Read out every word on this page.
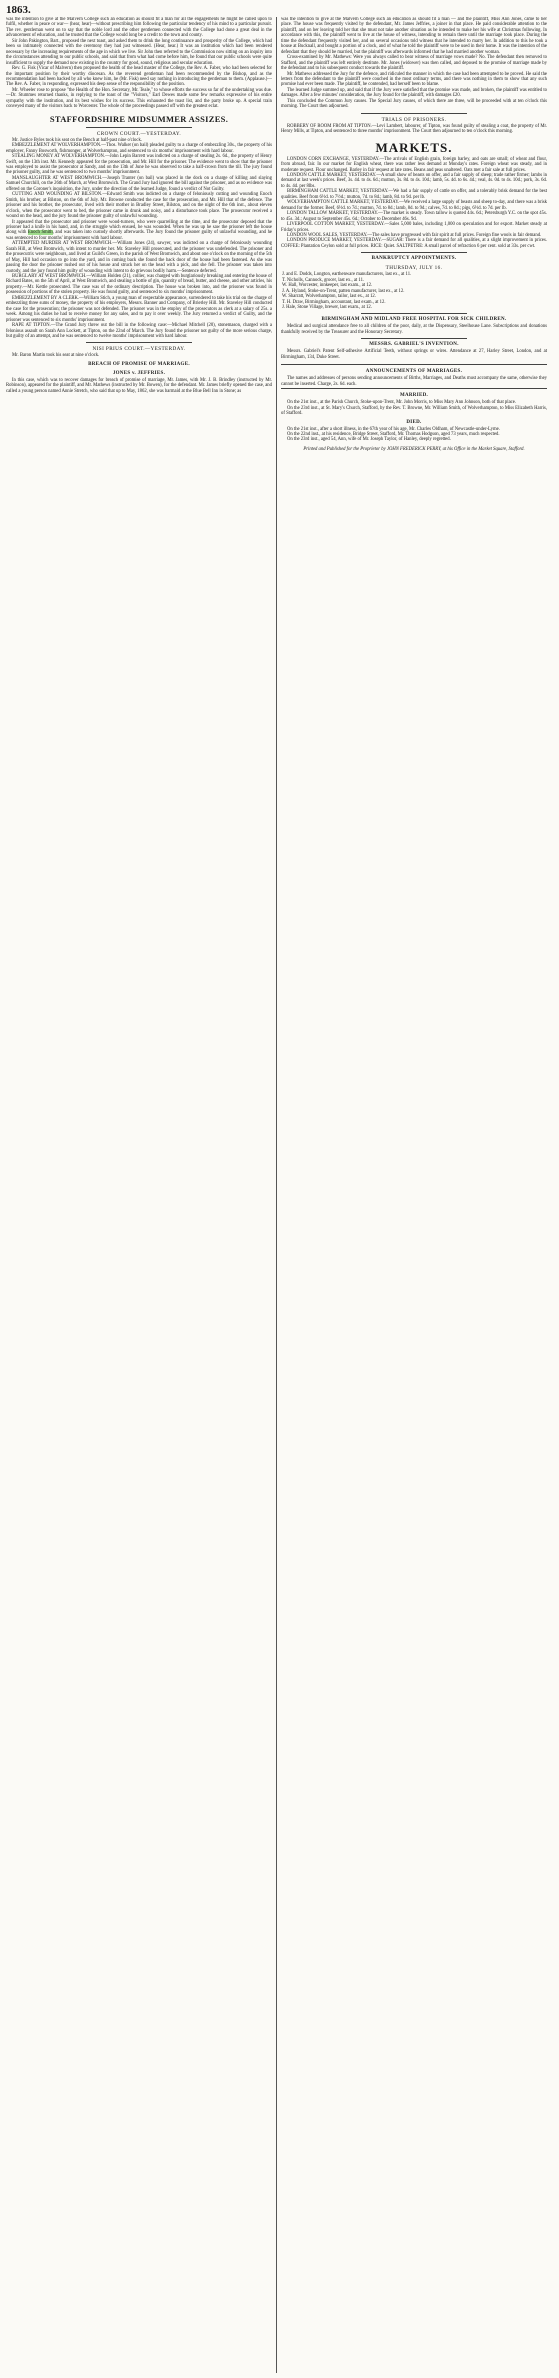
1863.

was the intention to give at the Malvern College such an education as should fit a man for all the engagements he might be called upon to fulfil, whether in peace or war— (hear, hear)—without prescribing him following the particular tendency of his mind to a particular pursuit. The rev. gentleman went on to say that the noble lord and the other gentlemen connected with the College had done a great deal in the advancement of education, and he trusted that the College would long be a credit to the town and county.

Sir John Pakington, Bart., proposed the next toast, and asked them to drink the long continuance and prosperity of the College, which had been so intimately connected with the ceremony they had just witnessed. (Hear, hear.) It was an institution which had been rendered necessary by the increasing requirements of the age in which we live. Sir John then referred to the Commission now sitting on an inquiry into the circumstances attending to our public schools, and said that from what had come before him, he found that our public schools were quite insufficient to supply the demand now existing in the country for good, sound, religious and secular education.

Rev. G. Fisk (Vicar of Malvern) then proposed the health of the head master of the College, the Rev. A. Faber, who had been selected for the important position by their worthy diocesan. As the reverend gentleman had been recommended by the Bishop, and as the recommendation had been backed by all who knew him, he (Mr. Fisk) need say nothing in introducing the gentleman to them. (Applause.)—The Rev. A. Faber, in responding, expressed his deep sense of the responsibility of the position.

Mr. Wheeler rose to propose "the Health of the Hon. Secretary, Mr. Teale," to whose efforts the success so far of the undertaking was due.—Dr. Stummes returned thanks, in replying to the toast of the "Visitors," Earl Dewes made some few remarks expressive of his entire sympathy with the institution, and its best wishes for its success. This exhausted the toast list, and the party broke up. A special train conveyed many of the visitors back to Worcester. The whole of the proceedings passed off with the greatest eclat.

STAFFORDSHIRE MIDSUMMER ASSIZES.
CROWN COURT.—YESTERDAY.

Mr. Justice Byles took his seat on the Bench at half-past nine o'clock.

EMBEZZLEMENT AT WOLVERHAMPTON.—Thos. Walker (on bail) pleaded guilty to a charge of embezzling 30s., the property of his employer, Fanny Bosworth, fishmonger, at Wolverhampton, and sentenced to six months' imprisonment with hard labour.

STEALING MONEY AT WOLVERHAMPTON.—John Lepin Barrett was indicted on a charge of stealing 2s. 6d., the property of Henry Swift, on the 13th inst. Mr. Kennedy appeared for the prosecution, and Mr. Hill for the prisoner. The evidence went to show that the prisoner was employed to assist the prosecutor at Sandy, and on the 13th of June he was observed to take a half-crown from the till. The jury found the prisoner guilty, and he was sentenced to two months' imprisonment.

MANSLAUGHTER AT WEST BROMWICH.—Joseph Tranter (on bail) was placed in the dock on a charge of killing and slaying Samuel Churchill, on the 26th of March, at West Bromwich. The Grand Jury had ignored the bill against the prisoner, and as no evidence was offered on the Coroner's inquisition, the Jury, under the direction of the learned Judge, found a verdict of Not Guilty.

CUTTING AND WOUNDING AT BILSTON.—Edward Smith was indicted on a charge of feloniously cutting and wounding Enoch Smith, his brother, at Bilston, on the 6th of July. Mr. Browne conducted the case for the prosecution, and Mr. Hill that of the defence. The prisoner and his brother, the prosecutor, lived with their mother in Bradley Street, Bilston, and on the night of the 6th inst., about eleven o'clock, when the prosecutor went to bed, the prisoner came in drunk and noisy, and a disturbance took place. The prosecutor received a wound on the head, and the jury found the prisoner guilty of unlawful wounding.

It appeared that the prosecutor and prisoner were wood-turners, who were quarrelling at the time, and the prosecutor deposed that the prisoner had a knife in his hand, and, in the struggle which ensued, he was wounded. When he was up he saw the prisoner left the house along with Enoch Smith, and was taken into custody shortly afterwards. The Jury found the prisoner guilty of unlawful wounding, and he was sentenced to four months' imprisonment with hard labour.

ATTEMPTED MURDER AT WEST BROMWICH.—William Jones (24), sawyer, was indicted on a charge of feloniously wounding Sarah Hill, at West Bromwich, with intent to murder her. Mr. Staveley Hill prosecuted, and the prisoner was undefended. The prisoner and the prosecutrix were neighbours, and lived at Guild's Green, in the parish of West Bromwich, and about one o'clock on the morning of the 5th of May, Hill had occasion to go into the yard, and in coming back she found the back door of the house had been fastened. As she was passing the door the prisoner rushed out of his house and struck her on the head with a pick, and she fell. The prisoner was taken into custody, and the jury found him guilty of wounding with intent to do grievous bodily harm.—Sentence deferred.

BURGLARY AT WEST BROMWICH.—William Holden (21), collier, was charged with burglariously breaking and entering the house of Richard Bates, on the 5th of April, at West Bromwich, and stealing a bottle of gin, quantity of bread, butter, and cheese, and other articles, his property.—Mr. Kettle prosecuted. The case was of the ordinary description. The house was broken into, and the prisoner was found in possession of portions of the stolen property. He was found guilty, and sentenced to six months' imprisonment.

EMBEZZLEMENT BY A CLERK.—William Stich, a young man of respectable appearance, surrendered to take his trial on the charge of embezzling three sums of money, the property of his employers, Messrs. Banner and Company, of Brierley Hill. Mr. Staveley Hill conducted the case for the prosecution; the prisoner was not defended. The prisoner was in the employ of the prosecutors as clerk at a salary of 25s. a week. Among his duties he had to receive money for any sales, and to pay it over weekly. The Jury returned a verdict of Guilty, and the prisoner was sentenced to six months' imprisonment.

RAPE AT TIPTON.—The Grand Jury threw out the bill in the following case:—Michael Mitchell (20), stonemason, charged with a felonious assault on Sarah Ann Lockett, at Tipton, on the 22nd of March. The Jury found the prisoner not guilty of the more serious charge, but guilty of an attempt, and he was sentenced to twelve months' imprisonment with hard labour.

NISI PRIUS COURT.—YESTERDAY.

Mr. Baron Martin took his seat at nine o'clock.

BREACH OF PROMISE OF MARRIAGE.
JONES v. JEFFRIES.

In this case, which was to recover damages for breach of promise of marriage, Mr. James, with Mr. J. B. Brindley (instructed by Mr. Robinson), appeared for the plaintiff, and Mr. Mathews (instructed by Mr. Bowen), for the defendant. Mr. James briefly opened the case, and called a young person named Annie Stretch, who said that up to May, 1862, she was barmaid at the Blue Bell Inn in Stone; as

was the intention to give at the Malvern College such an education as should fit a man — and the plaintiff, Miss Ann Jones, came to her place. The house was frequently visited by the defendant, Mr. James Jeffries, a joiner in that place. He paid considerable attention to the plaintiff, and on her leaving told her that she must not take another situation as he intended to make her his wife at Christmas following. In accordance with this, the plaintiff went to live at the house of witness, intending to remain there until the marriage took place. During the time the defendant frequently visited her, and on several occasions told witness that he intended to marry her. In addition to this he took a house at Bucknall, and bought a portion of a clock, and of what he told the plaintiff were to be used in their home. It was the intention of the defendant that they should be married, but the plaintiff was afterwards informed that he had married another woman.

Cross-examined by Mr. Mathews: Were you always called to bear witness of marriage vows made? No. The defendant then removed to Stafford, and the plaintiff was left entirely destitute. Mr. Jones (widower) was then called, and deposed to the promise of marriage made by the defendant and to his subsequent conduct towards the plaintiff.

Mr. Mathews addressed the Jury for the defence, and ridiculed the manner in which the case had been attempted to be proved. He said the letters from the defendant to the plaintiff were couched in the most ordinary terms, and there was nothing in them to show that any such promise had ever been made. The plaintiff, he contended, had herself been to blame.

The learned Judge summed up, and said that if the Jury were satisfied that the promise was made, and broken, the plaintiff was entitled to damages. After a few minutes' consideration, the Jury found for the plaintiff, with damages £20.

This concluded the Common Jury causes. The Special Jury causes, of which there are three, will be proceeded with at ten o'clock this morning. The Court then adjourned.

TRIALS OF PRISONERS.

ROBBERY OF ROOM FROM AT TIPTON.—Levi Lambert, labourer, of Tipton, was found guilty of stealing a coat, the property of Mr. Henry Mills, at Tipton, and sentenced to three months' imprisonment. The Court then adjourned to ten o'clock this morning.

MARKETS.

LONDON CORN EXCHANGE, YESTERDAY.—The arrivals of English grain, foreign barley, and oats are small; of wheat and flour, from abroad, fair. In our market for English wheat, there was rather less demand at Monday's rates. Foreign wheat was steady, and in moderate request. Flour unchanged. Barley in fair request at late rates. Beans and peas unaltered. Oats met a fair sale at full prices.

LONDON CATTLE MARKET, YESTERDAY.—A small show of beasts on offer, and a fair supply of sheep; trade rather firmer; lambs in demand at last week's prices. Beef, 3s. 4d. to 4s. 6d.; mutton, 3s. 8d. to 4s. 10d.; lamb, 5s. 4d. to 6s. 4d.; veal, 4s. 0d. to 4s. 10d.; pork, 3s. 6d. to 4s. 4d. per 8lbs.

BIRMINGHAM CATTLE MARKET, YESTERDAY.—We had a fair supply of cattle on offer, and a tolerably brisk demand for the best qualities. Beef from 6½d. to 7½d.; mutton, 7d. to 8d.; lamb, 8d. to 9d. per lb.

WOLVERHAMPTON CATTLE MARKET, YESTERDAY.—We received a large supply of beasts and sheep to-day, and there was a brisk demand for the former. Beef, 6½d. to 7d.; mutton, 7d. to 8d.; lamb, 8d. to 9d.; calves, 7d. to 8d.; pigs, 6½d. to 7d. per lb.

LONDON TALLOW MARKET, YESTERDAY.—The market is steady. Town tallow is quoted 44s. 6d.; Petersburgh Y.C. on the spot 45s. to 45s. 3d.; August to September 45s. 6d.; October to December 46s. 9d.

LIVERPOOL COTTON MARKET, YESTERDAY.—Sales 5,000 bales, including 1,000 on speculation and for export. Market steady at Friday's prices.

LONDON WOOL SALES, YESTERDAY.—The sales have progressed with fair spirit at full prices. Foreign fine wools in fair demand.

LONDON PRODUCE MARKET, YESTERDAY.—SUGAR: There is a fair demand for all qualities, at a slight improvement in prices. COFFEE: Plantation Ceylon sold at full prices. RICE: Quiet. SALTPETRE: A small parcel of refraction 6 per cent. sold at 33s. per cwt.

BANKRUPTCY APPOINTMENTS.
THURSDAY, JULY 16.

J. and E. Dodds, Longton, earthenware manufacturers, last ex., at 11.

T. Nicholls, Cannock, grocer, last ex., at 11.

W. Hall, Worcester, innkeeper, last exam., at 12.

J. A. Hyland, Stoke-on-Trent, patten manufacturer, last ex., at 12.

W. Sharratt, Wolverhampton, tailor, last ex., at 12.

T. H. Draw, Birmingham, accountant, last exam., at 12.

J. Hale, Stone Village, brewer, last exam., at 12.

BIRMINGHAM AND MIDLAND FREE HOSPITAL FOR SICK CHILDREN.

Medical and surgical attendance free to all children of the poor, daily, at the Dispensary, Steelhouse Lane. Subscriptions and donations thankfully received by the Treasurer and the Honorary Secretary.

MESSRS. GABRIEL'S INVENTION.

Messrs. Gabriel's Patent Self-adhesive Artificial Teeth, without springs or wires. Attendance at 27, Harley Street, London, and at Birmingham, 134, Duke Street.

ANNOUNCEMENTS OF MARRIAGES.

The names and addresses of persons sending announcements of Births, Marriages, and Deaths must accompany the same, otherwise they cannot be inserted. Charge, 2s. 6d. each.

MARRIED.

On the 21st inst., at the Parish Church, Stoke-upon-Trent, Mr. John Morris, to Miss Mary Ann Johnson, both of that place.

On the 23rd inst., at St. Mary's Church, Stafford, by the Rev. T. Browne, Mr. William Smith, of Wolverhampton, to Miss Elizabeth Harris, of Stafford.

DIED.

On the 21st inst., after a short illness, in the 67th year of his age, Mr. Charles Oldham, of Newcastle-under-Lyme.

On the 22nd inst., at his residence, Bridge Street, Stafford, Mr. Thomas Hodgson, aged 73 years, much respected.

On the 23rd inst., aged 54, Ann, wife of Mr. Joseph Taylor, of Hanley, deeply regretted.

Printed and Published for the Proprietor by JOHN FREDERICK PERRY, at his Office in the Market Square, Stafford.
